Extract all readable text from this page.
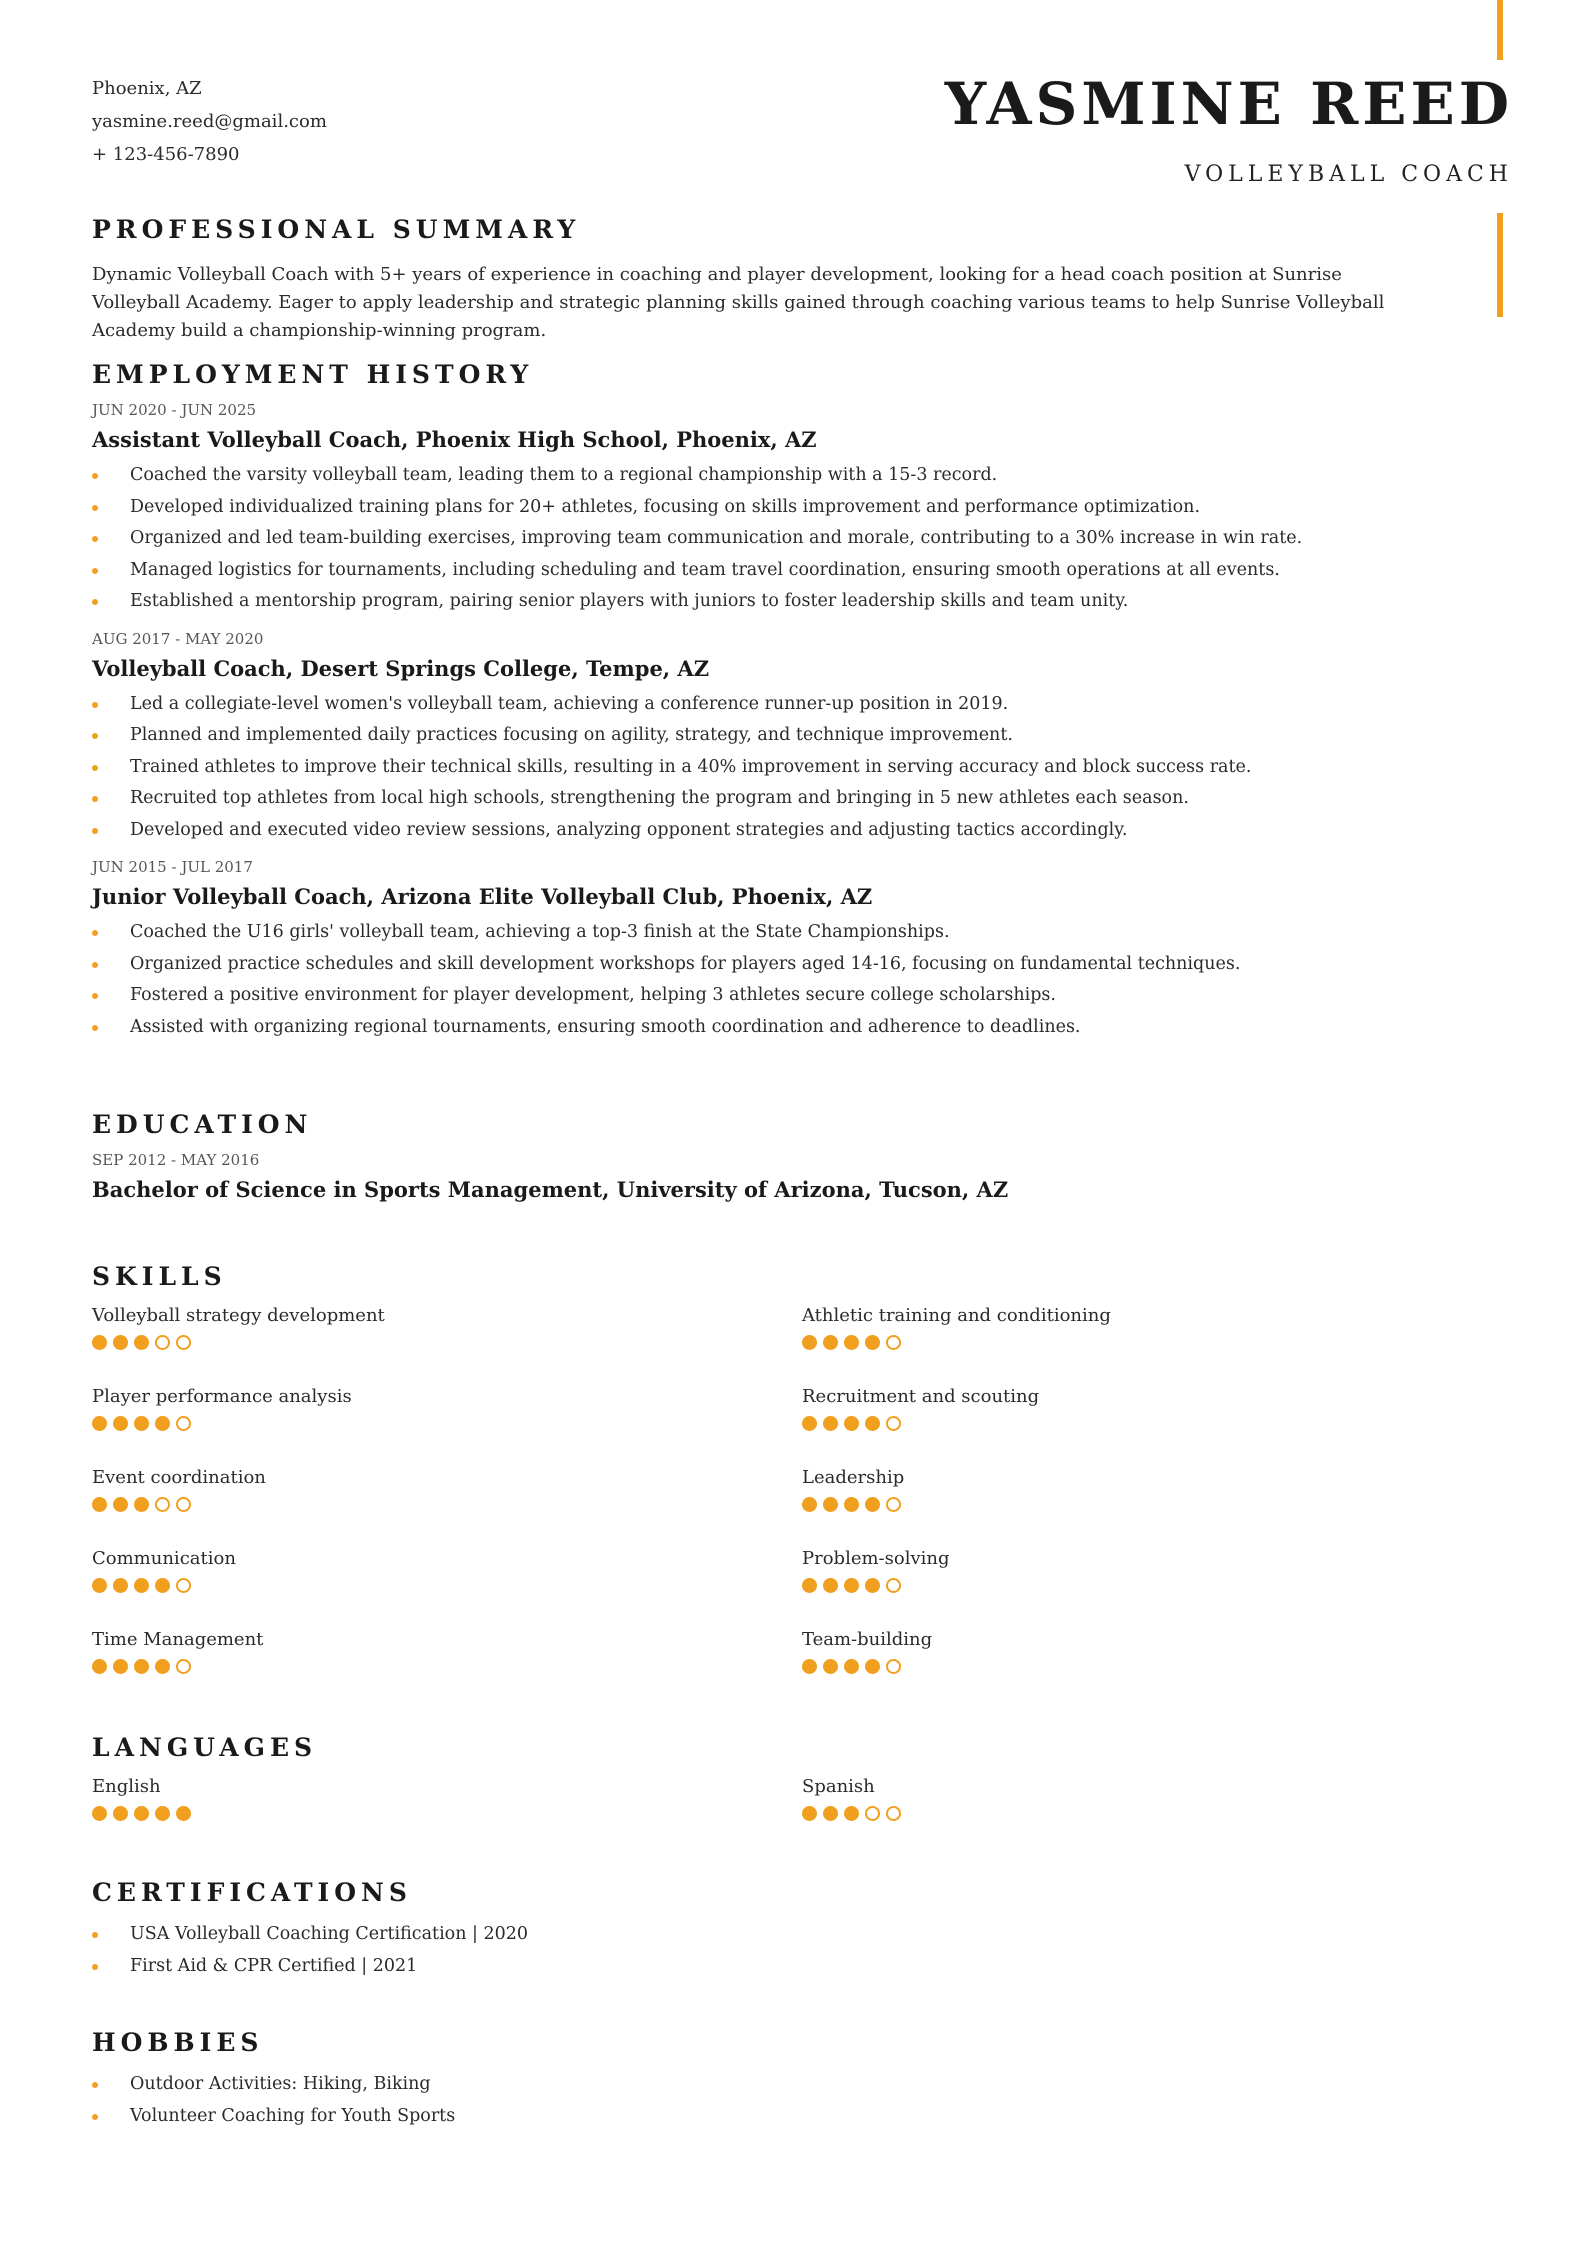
Phoenix, AZ
yasmine.reed@gmail.com
+ 123-456-7890
YASMINE REED
VOLLEYBALL COACH
PROFESSIONAL SUMMARY
Dynamic Volleyball Coach with 5+ years of experience in coaching and player development, looking for a head coach position at Sunrise Volleyball Academy. Eager to apply leadership and strategic planning skills gained through coaching various teams to help Sunrise Volleyball Academy build a championship-winning program.
EMPLOYMENT HISTORY
JUN 2020 - JUN 2025
Assistant Volleyball Coach, Phoenix High School, Phoenix, AZ
Coached the varsity volleyball team, leading them to a regional championship with a 15-3 record.
Developed individualized training plans for 20+ athletes, focusing on skills improvement and performance optimization.
Organized and led team-building exercises, improving team communication and morale, contributing to a 30% increase in win rate.
Managed logistics for tournaments, including scheduling and team travel coordination, ensuring smooth operations at all events.
Established a mentorship program, pairing senior players with juniors to foster leadership skills and team unity.
AUG 2017 - MAY 2020
Volleyball Coach, Desert Springs College, Tempe, AZ
Led a collegiate-level women's volleyball team, achieving a conference runner-up position in 2019.
Planned and implemented daily practices focusing on agility, strategy, and technique improvement.
Trained athletes to improve their technical skills, resulting in a 40% improvement in serving accuracy and block success rate.
Recruited top athletes from local high schools, strengthening the program and bringing in 5 new athletes each season.
Developed and executed video review sessions, analyzing opponent strategies and adjusting tactics accordingly.
JUN 2015 - JUL 2017
Junior Volleyball Coach, Arizona Elite Volleyball Club, Phoenix, AZ
Coached the U16 girls' volleyball team, achieving a top-3 finish at the State Championships.
Organized practice schedules and skill development workshops for players aged 14-16, focusing on fundamental techniques.
Fostered a positive environment for player development, helping 3 athletes secure college scholarships.
Assisted with organizing regional tournaments, ensuring smooth coordination and adherence to deadlines.
EDUCATION
SEP 2012 - MAY 2016
Bachelor of Science in Sports Management, University of Arizona, Tucson, AZ
SKILLS
Volleyball strategy development	Athletic training and conditioning
Player performance analysis	Recruitment and scouting
Event coordination	Leadership
Communication	Problem-solving
Time Management	Team-building
LANGUAGES
English	Spanish
CERTIFICATIONS
USA Volleyball Coaching Certification | 2020
First Aid & CPR Certified | 2021
HOBBIES
Outdoor Activities: Hiking, Biking
Volunteer Coaching for Youth Sports
